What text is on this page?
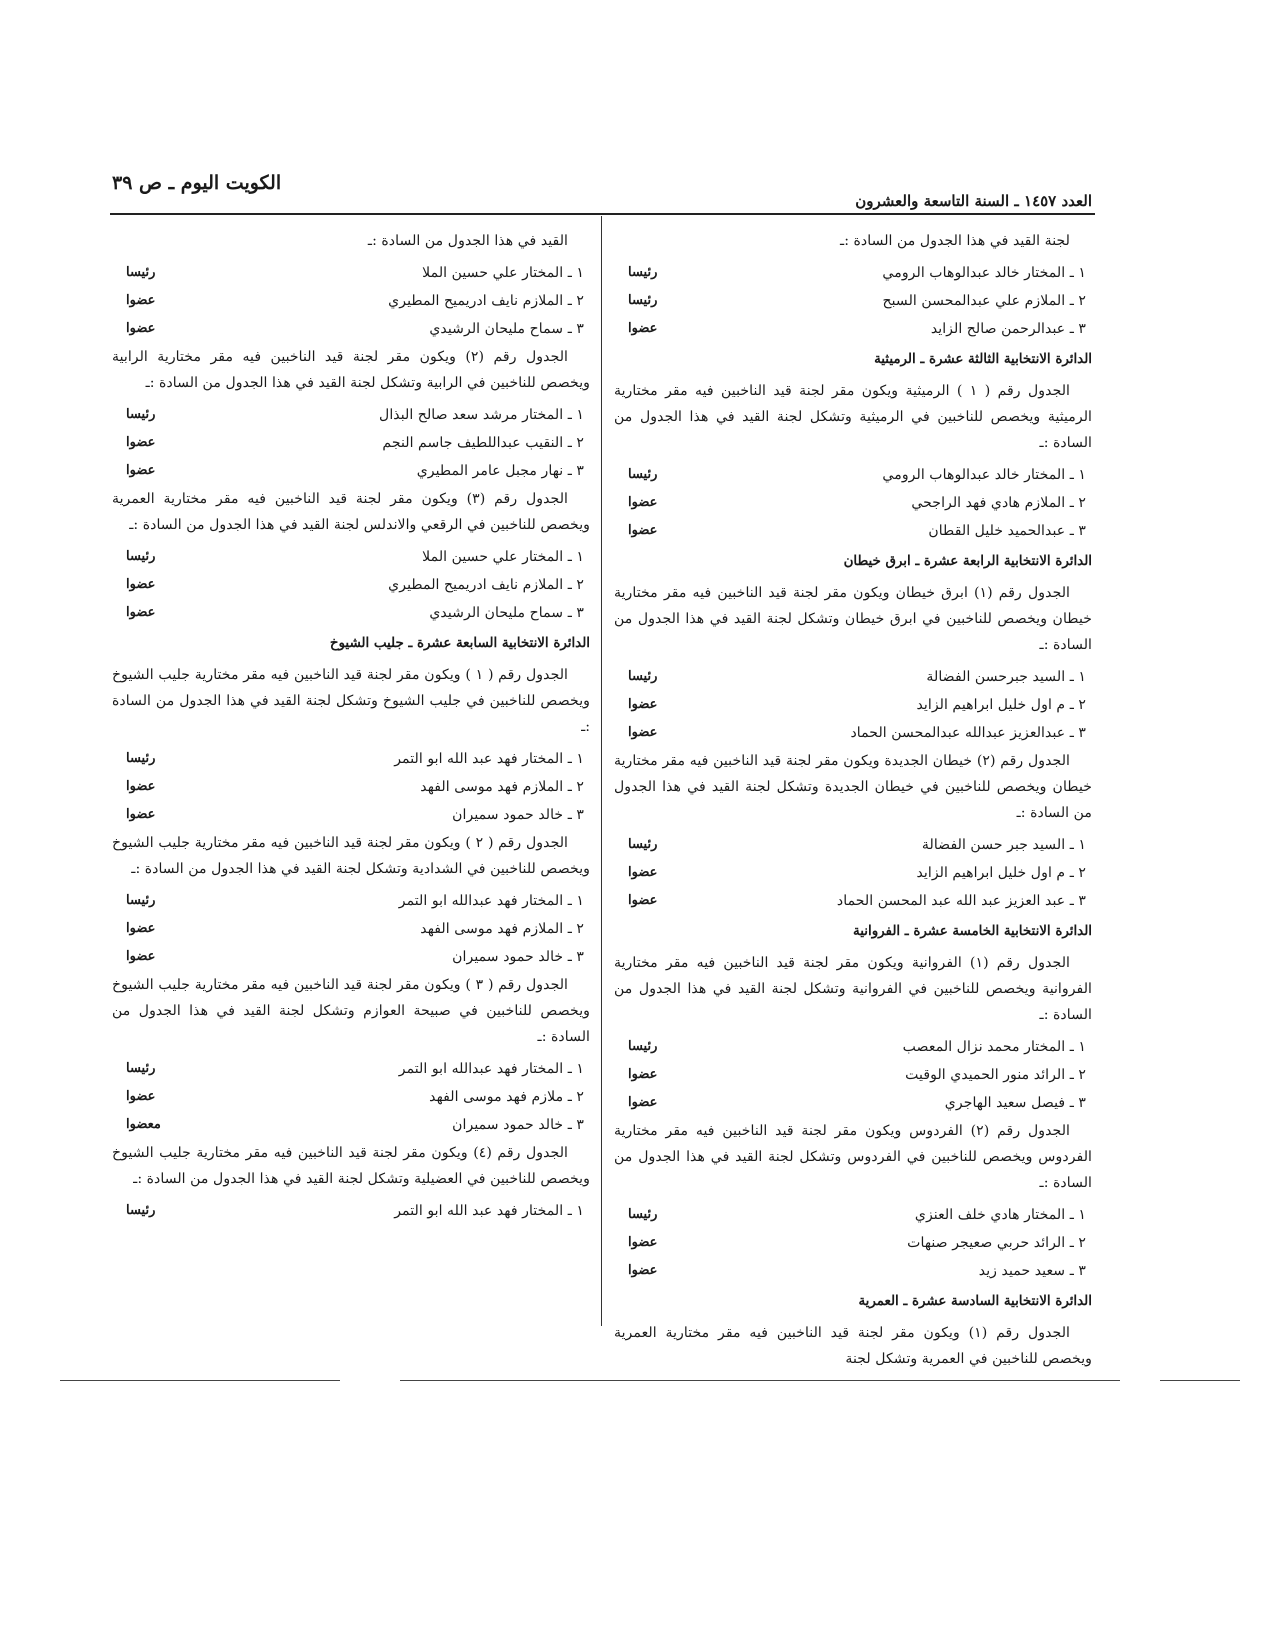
الكويت اليوم ـ ص ٣٩
العدد ١٤٥٧ ـ السنة التاسعة والعشرون

لجنة القيد في هذا الجدول من السادة :ـ

١ ـ المختار خالد عبدالوهاب الرومي
رئيسا
٢ ـ الملازم علي عبدالمحسن السبح
رئيسا
٣ ـ عبدالرحمن صالح الزايد
عضوا

الدائرة الانتخابية الثالثة عشرة ـ الرميثية

الجدول رقم ( ١ ) الرميثية ويكون مقر لجنة قيد الناخبين فيه مقر مختارية الرميثية ويخصص للناخبين في الرميثية وتشكل لجنة القيد في هذا الجدول من السادة :ـ

١ ـ المختار خالد عبدالوهاب الرومي
رئيسا
٢ ـ الملازم هادي فهد الراجحي
عضوا
٣ ـ عبدالحميد خليل القطان
عضوا

الدائرة الانتخابية الرابعة عشرة ـ ابرق خيطان

الجدول رقم (١) ابرق خيطان ويكون مقر لجنة قيد الناخبين فيه مقر مختارية خيطان ويخصص للناخبين في ابرق خيطان وتشكل لجنة القيد في هذا الجدول من السادة :ـ

١ ـ السيد جبرحسن الفضالة
رئيسا
٢ ـ م اول خليل ابراهيم الزايد
عضوا
٣ ـ عبدالعزيز عبدالله عبدالمحسن الحماد
عضوا

الجدول رقم (٢) خيطان الجديدة ويكون مقر لجنة قيد الناخبين فيه مقر مختارية خيطان ويخصص للناخبين في خيطان الجديدة وتشكل لجنة القيد في هذا الجدول من السادة :ـ

١ ـ السيد جبر حسن الفضالة
رئيسا
٢ ـ م اول خليل ابراهيم الزايد
عضوا
٣ ـ عبد العزيز عبد الله عبد المحسن الحماد
عضوا

الدائرة الانتخابية الخامسة عشرة ـ الفروانية

الجدول رقم (١) الفروانية ويكون مقر لجنة قيد الناخبين فيه مقر مختارية الفروانية ويخصص للناخبين في الفروانية وتشكل لجنة القيد في هذا الجدول من السادة :ـ

١ ـ المختار محمد نزال المعصب
رئيسا
٢ ـ الرائد منور الحميدي الوقيت
عضوا
٣ ـ فيصل سعيد الهاجري
عضوا

الجدول رقم (٢) الفردوس ويكون مقر لجنة قيد الناخبين فيه مقر مختارية الفردوس ويخصص للناخبين في الفردوس وتشكل لجنة القيد في هذا الجدول من السادة :ـ

١ ـ المختار هادي خلف العنزي
رئيسا
٢ ـ الرائد حربي صعيجر صنهات
عضوا
٣ ـ سعيد حميد زيد
عضوا

الدائرة الانتخابية السادسة عشرة ـ العمرية

الجدول رقم (١) ويكون مقر لجنة قيد الناخبين فيه مقر مختارية العمرية ويخصص للناخبين في العمرية وتشكل لجنة

القيد في هذا الجدول من السادة :ـ

١ ـ المختار علي حسين الملا
رئيسا
٢ ـ الملازم نايف ادريميح المطيري
عضوا
٣ ـ سماح مليحان الرشيدي
عضوا

الجدول رقم (٢) ويكون مقر لجنة قيد الناخبين فيه مقر مختارية الرابية ويخصص للناخبين في الرابية وتشكل لجنة القيد في هذا الجدول من السادة :ـ

١ ـ المختار مرشد سعد صالح البذال
رئيسا
٢ ـ النقيب عبداللطيف جاسم النجم
عضوا
٣ ـ نهار مجبل عامر المطيري
عضوا

الجدول رقم (٣) ويكون مقر لجنة قيد الناخبين فيه مقر مختارية العمرية ويخصص للناخبين في الرقعي والاندلس لجنة القيد في هذا الجدول من السادة :ـ

١ ـ المختار علي حسين الملا
رئيسا
٢ ـ الملازم نايف ادريميح المطيري
عضوا
٣ ـ سماح مليحان الرشيدي
عضوا

الدائرة الانتخابية السابعة عشرة ـ جليب الشيوخ

الجدول رقم ( ١ ) ويكون مقر لجنة قيد الناخبين فيه مقر مختارية جليب الشيوخ ويخصص للناخبين في جليب الشيوخ وتشكل لجنة القيد في هذا الجدول من السادة :ـ

١ ـ المختار فهد عبد الله ابو التمر
رئيسا
٢ ـ الملازم فهد موسى الفهد
عضوا
٣ ـ خالد حمود سميران
عضوا

الجدول رقم ( ٢ ) ويكون مقر لجنة قيد الناخبين فيه مقر مختارية جليب الشيوخ ويخصص للناخبين في الشدادية وتشكل لجنة القيد في هذا الجدول من السادة :ـ

١ ـ المختار فهد عبدالله ابو التمر
رئيسا
٢ ـ الملازم فهد موسى الفهد
عضوا
٣ ـ خالد حمود سميران
عضوا

الجدول رقم ( ٣ ) ويكون مقر لجنة قيد الناخبين فيه مقر مختارية جليب الشيوخ ويخصص للناخبين في صبيحة العوازم وتشكل لجنة القيد في هذا الجدول من السادة :ـ

١ ـ المختار فهد عبدالله ابو التمر
رئيسا
٢ ـ ملازم فهد موسى الفهد
عضوا
٣ ـ خالد حمود سميران
معضوا

الجدول رقم (٤) ويكون مقر لجنة قيد الناخبين فيه مقر مختارية جليب الشيوخ ويخصص للناخبين في العضيلية وتشكل لجنة القيد في هذا الجدول من السادة :ـ

١ ـ المختار فهد عبد الله ابو التمر
رئيسا
